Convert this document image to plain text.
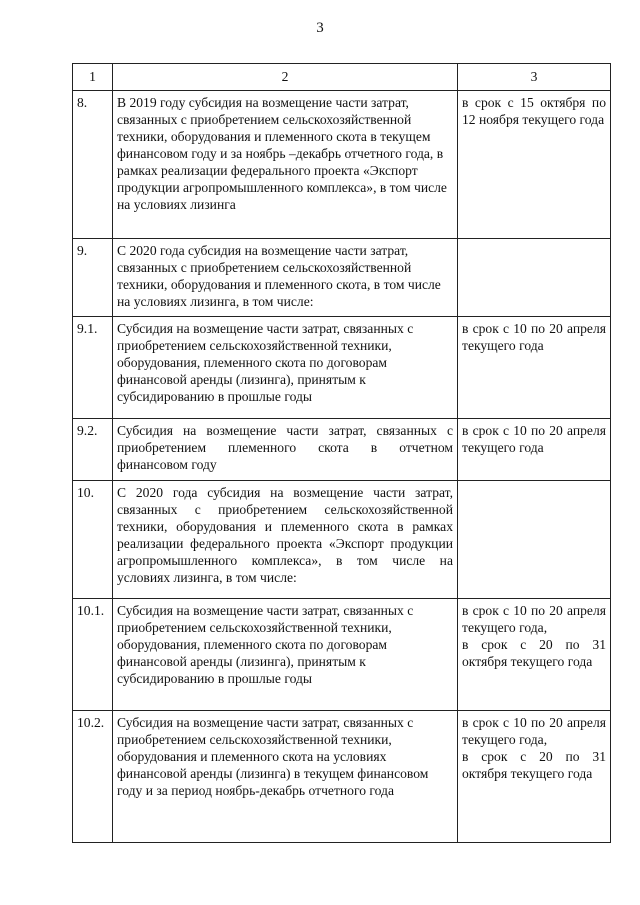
3
1	2	3
8.	В 2019 году субсидия на возмещение части затрат, связанных с приобретением сельскохозяйственной техники, оборудования и племенного скота в текущем финансовом году и за ноябрь –декабрь отчетного года, в рамках реализации федерального проекта «Экспорт продукции агропромышленного комплекса», в том числе на условиях лизинга	в срок с 15 октября по 12 ноября текущего года

9.	С 2020 года субсидия на возмещение части затрат, связанных с приобретением сельскохозяйственной техники, оборудования и племенного скота, в том числе на условиях лизинга, в том числе:	

9.1.	Субсидия на возмещение части затрат, связанных с приобретением сельскохозяйственной техники, оборудования, племенного скота по договорам финансовой аренды (лизинга), принятым к субсидированию в прошлые годы	в срок с 10 по 20 апреля текущего года

9.2.	Субсидия на возмещение части затрат, связанных с приобретением племенного скота в отчетном финансовом году	в срок с 10 по 20 апреля текущего года

10.	С 2020 года субсидия на возмещение части затрат, связанных с приобретением сельскохозяйственной техники, оборудования и племенного скота в рамках реализации федерального проекта «Экспорт продукции агропромышленного комплекса», в том числе на условиях лизинга, в том числе:	

10.1.	Субсидия на возмещение части затрат, связанных с приобретением сельскохозяйственной техники, оборудования, племенного скота по договорам финансовой аренды (лизинга), принятым к субсидированию в прошлые годы	в срок с 10 по 20 апреля текущего года,
в срок с 20 по 31 октября текущего года

10.2.	Субсидия на возмещение части затрат, связанных с приобретением сельскохозяйственной техники, оборудования и племенного скота на условиях финансовой аренды (лизинга) в текущем финансовом году и за период ноябрь-декабрь отчетного года	в срок с 10 по 20 апреля текущего года,
в срок с 20 по 31 октября текущего года
